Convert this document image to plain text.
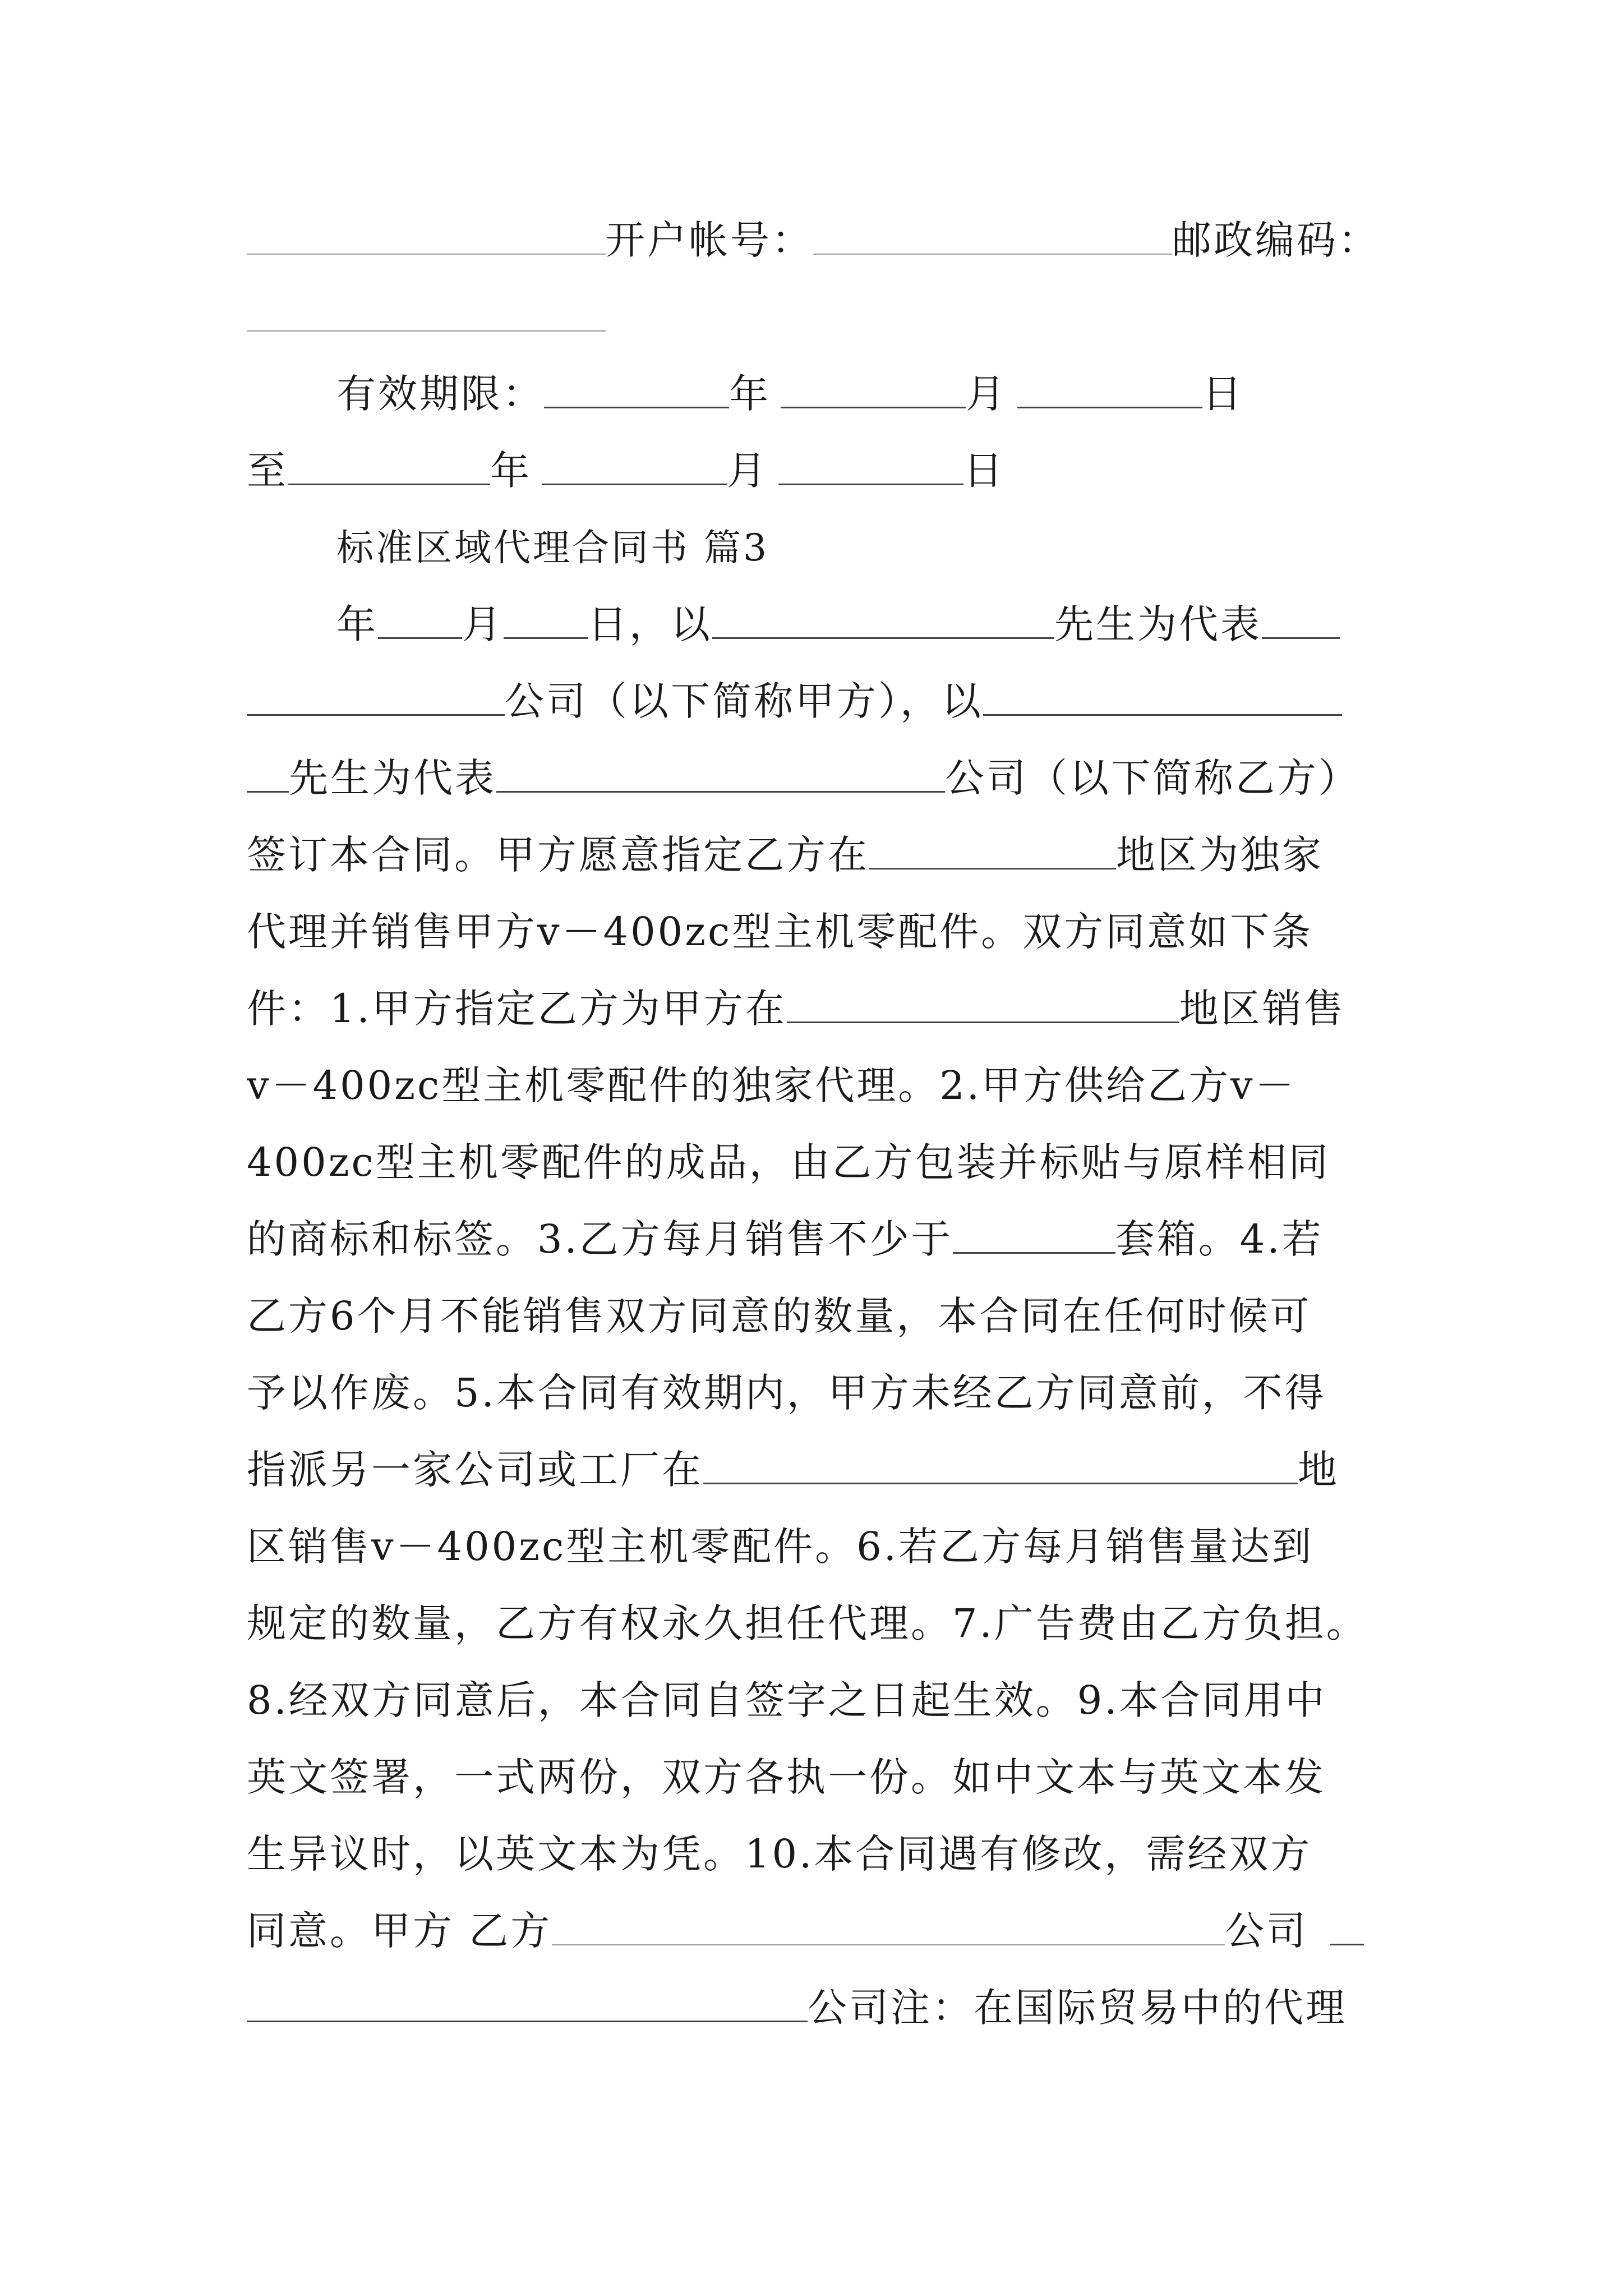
开户帐号：	邮政编码：
有效期限：	年	月	日
至	年	月	日
标准区域代理合同书 篇3
年 月 日，以	先生为代表
公司（以下简称甲方），以
先生为代表	公司（以下简称乙方）
签订本合同。甲方愿意指定乙方在	地区为独家
代理并销售甲方v－400zc型主机零配件。双方同意如下条
件：1.甲方指定乙方为甲方在	地区销售
v－400zc型主机零配件的独家代理。2.甲方供给乙方v－
400zc型主机零配件的成品，由乙方包装并标贴与原样相同
的商标和标签。3.乙方每月销售不少于	套箱。4.若
乙方6个月不能销售双方同意的数量，本合同在任何时候可
予以作废。5.本合同有效期内，甲方未经乙方同意前，不得
指派另一家公司或工厂在	地
区销售v－400zc型主机零配件。6.若乙方每月销售量达到
规定的数量，乙方有权永久担任代理。7.广告费由乙方负担。
8.经双方同意后，本合同自签字之日起生效。9.本合同用中
英文签署，一式两份，双方各执一份。如中文本与英文本发
生异议时，以英文本为凭。10.本合同遇有修改，需经双方
同意。甲方 乙方	公司
公司注：在国际贸易中的代理
